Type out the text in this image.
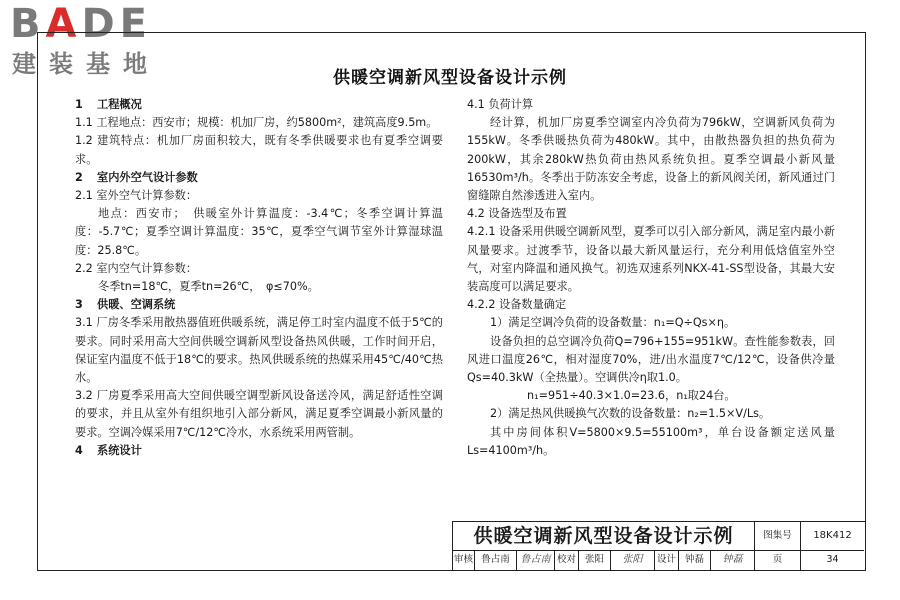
BADE
建装基地	供暖空调新风型设备设计示例

1 工程概况

1.1 工程地点：西安市；规模：机加厂房，约5800m²，建筑高度9.5m。

1.2 建筑特点：机加厂房面积较大，既有冬季供暖要求也有夏季空调要求。

2 室内外空气设计参数

2.1 室外空气计算参数：

地点：西安市；　供暖室外计算温度：-3.4℃；冬季空调计算温度：-5.7℃；夏季空调计算温度：35℃，夏季空气调节室外计算湿球温度：25.8℃。

2.2 室内空气计算参数：

冬季tn=18℃，夏季tn=26℃，　φ≤70%。

3 供暖、空调系统

3.1 厂房冬季采用散热器值班供暖系统，满足停工时室内温度不低于5℃的要求。同时采用高大空间供暖空调新风型设备热风供暖，工作时间开启，保证室内温度不低于18℃的要求。热风供暖系统的热媒采用45℃/40℃热水。

3.2 厂房夏季采用高大空间供暖空调型新风设备送冷风，满足舒适性空调的要求，并且从室外有组织地引入部分新风，满足夏季空调最小新风量的要求。空调冷媒采用7℃/12℃冷水，水系统采用两管制。

4 系统设计

4.1 负荷计算

经计算，机加厂房夏季空调室内冷负荷为796kW，空调新风负荷为155kW。冬季供暖热负荷为480kW。其中，由散热器负担的热负荷为200kW，其余280kW热负荷由热风系统负担。夏季空调最小新风量16530m³/h。冬季出于防冻安全考虑，设备上的新风阀关闭，新风通过门窗缝隙自然渗透进入室内。

4.2 设备选型及布置

4.2.1 设备采用供暖空调新风型，夏季可以引入部分新风，满足室内最小新风量要求。过渡季节，设备以最大新风量运行，充分利用低焓值室外空气，对室内降温和通风换气。初选双速系列NKX-41-SS型设备，其最大安装高度可以满足要求。

4.2.2 设备数量确定

1）满足空调冷负荷的设备数量：n₁=Q÷Qs×η。

设备负担的总空调冷负荷Q=796+155=951kW。查性能参数表，回风进口温度26℃，相对湿度70%，进/出水温度7℃/12℃，设备供冷量Qs=40.3kW（全热量）。空调供冷η取1.0。

n₁=951÷40.3×1.0=23.6，n₁取24台。

2）满足热风供暖换气次数的设备数量：n₂=1.5×V/Ls。

其中房间体积V=5800×9.5=55100m³，单台设备额定送风量Ls=4100m³/h。

供暖空调新风型设备设计示例	图集号	18K412
审核 鲁占南	鲁占南 校对 张阳	张阳	设计 钟磊	钟磊	页	34
